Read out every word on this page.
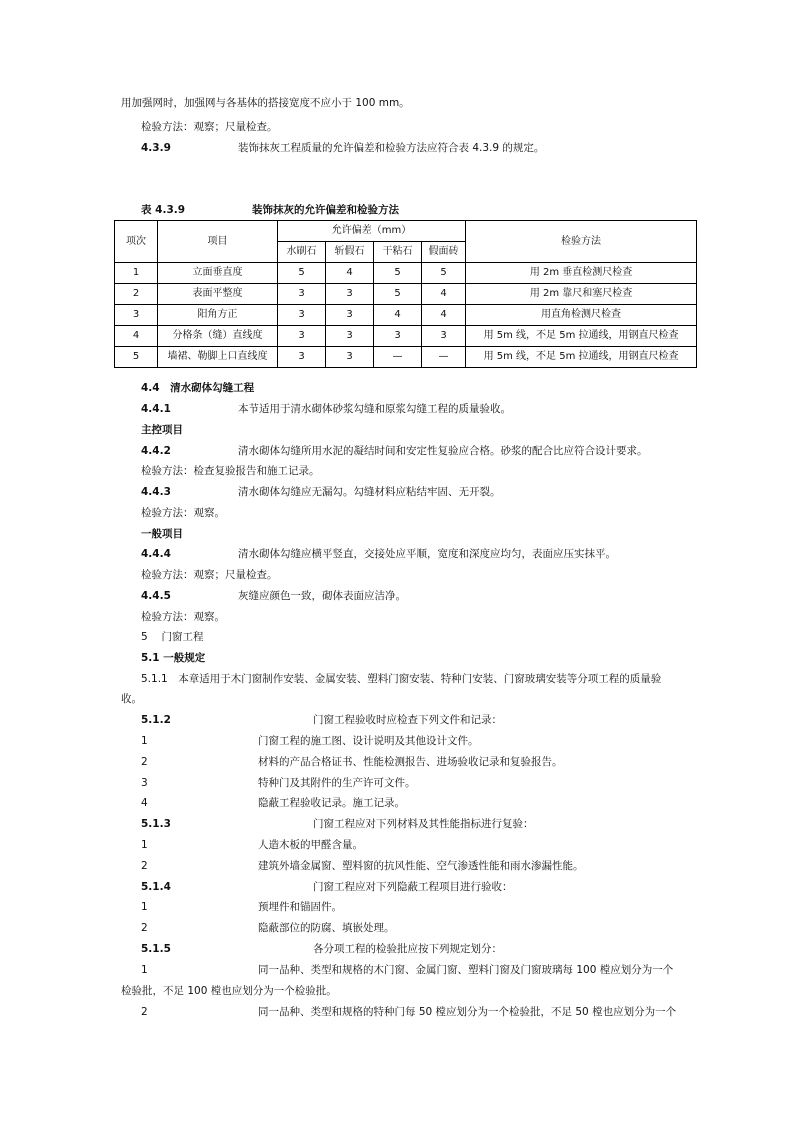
用加强网时，加强网与各基体的搭接宽度不应小于 100 mm。
检验方法：观察；尺量检查。
4.3.9	装饰抹灰工程质量的允许偏差和检验方法应符合表 4.3.9 的规定。
表 4.3.9	装饰抹灰的允许偏差和检验方法
项次	项目	允许偏差（mm）				检验方法
		水刷石	斩假石	干粘石	假面砖	
1	立面垂直度	5	4	5	5	用 2m 垂直检测尺检查
2	表面平整度	3	3	5	4	用 2m 靠尺和塞尺检查
3	阳角方正	3	3	4	4	用直角检测尺检查
4	分格条（缝）直线度	3	3	3	3	用 5m 线，不足 5m 拉通线，用钢直尺检查
5	墙裙、勒脚上口直线度	3	3	—	—	用 5m 线，不足 5m 拉通线，用钢直尺检查
4.4　清水砌体勾缝工程
4.4.1	本节适用于清水砌体砂浆勾缝和原浆勾缝工程的质量验收。
主控项目
4.4.2	清水砌体勾缝所用水泥的凝结时间和安定性复验应合格。砂浆的配合比应符合设计要求。
检验方法：检查复验报告和施工记录。
4.4.3	清水砌体勾缝应无漏勾。勾缝材料应粘结牢固、无开裂。
检验方法：观察。
一般项目
4.4.4	清水砌体勾缝应横平竖直，交接处应平顺，宽度和深度应均匀，表面应压实抹平。
检验方法：观察；尺量检查。
4.4.5	灰缝应颜色一致，砌体表面应洁净。
检验方法：观察。
5　 门窗工程
5.1 一般规定
5.1.1　本章适用于木门窗制作安装、金属安装、塑料门窗安装、特种门安装、门窗玻璃安装等分项工程的质量验
收。
5.1.2	门窗工程验收时应检查下列文件和记录：
1	门窗工程的施工图、设计说明及其他设计文件。
2	材料的产品合格证书、性能检测报告、进场验收记录和复验报告。
3	特种门及其附件的生产许可文件。
4	隐蔽工程验收记录。施工记录。
5.1.3	门窗工程应对下列材料及其性能指标进行复验：
1	人造木板的甲醛含量。
2	建筑外墙金属窗、塑料窗的抗风性能、空气渗透性能和雨水渗漏性能。
5.1.4	门窗工程应对下列隐蔽工程项目进行验收：
1	预埋件和锚固件。
2	隐蔽部位的防腐、填嵌处理。
5.1.5	各分项工程的检验批应按下列规定划分：
1	同一品种、类型和规格的木门窗、金属门窗、塑料门窗及门窗玻璃每 100 樘应划分为一个
检验批，不足 100 樘也应划分为一个检验批。
2	同一品种、类型和规格的特种门每 50 樘应划分为一个检验批，不足 50 樘也应划分为一个
